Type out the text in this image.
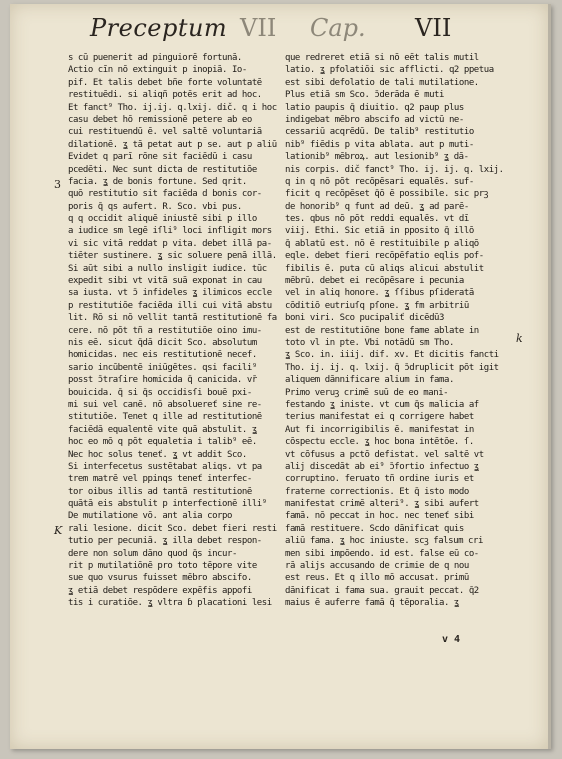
Preceptum VII Cap. VII
s cū puenerit ad pinguiorē fortunā.
Actio cīn nō extinguit p inopiā. Io-
pif. Et talis debet bñe forte voluntatē
restituēdi. si aliqñ potēs erit ad hoc.
Et fanct⁹ Tho. ij.ij. q.lxij. dič. q i hoc
casu debet hō remissionē petere ab eo
cui restituendū ē. vel saltē voluntariā
dilationē. ʓ tā petat aut p se. aut p aliū
Evidet q parī rōne sit faciēdū i casu
pcedēti. Nec sunt dicta de restitutiōe
facia. ʓ de bonis fortune. Sed qrit.
quō restitutio sit faciēda d bonis cor-
poris q̄ qs aufert. R. Sco. vbi pus.
q q occidit aliquē iniustē sibi p illo
a iudice sm legē iſli⁹ loci infligit mors
vi sic vitā reddat p vita. debet illā pa-
tiēter sustinere. ʓ sic soluere penā illā.
Si aūt sibi a nullo insligit iudice. tūc
expedit sibi vt vitā suā exponat in cau
sa iusta. vt ɔ̄ infideles ʓ ilimicos eccle
p restitutiōe faciēda illi cui vitā abstu
lit. Rō si nō vellit tantā restitutionē fa
cere. nō pōt tñ a restitutiōe oino imu-
nis eē. sicut q̄dā dicit Sco. absolutum
homicidas. nec eis restitutionē necef.
sario incūbentē iniūgētes. qsi facili⁹
posst ɔ̄traſire homicida q̄ canicida. vr̄
bouicida. q̄ si q̄s occidisſi bouē pxi-
mi sui vel canē. nō absoluereť sine re-
stitutiōe. Tenet q ille ad restitutionē
faciēdā equalentē vite quā abstulit. ʓ
hoc eo mō q pōt equaletia i talib⁹ eē.
Nec hoc solus teneť. ʓ vt addit Sco.
Si interfecetus sustētabat aliqs. vt pa
trem matrē vel ppinqs teneť interfec-
tor oibus illis ad tantā restitutionē
quātā eis abstulit p interfectionē illi⁹
De mutilatione vō. ant alia corpo
rali lesione. dicit Sco. debet fieri resti
tutio per pecuniā. ʓ illa debet respon-
dere non solum dāno quod q̄s incur-
rit p mutilatiōnē pro toto tēpore vite
sue quo vsurus fuisset mēbro abscifo.
ʓ etiā debet respōdere expēfis appofi
tis i curatiōe. ʓ vltra ɓ placationi lesi
que redreret etiā si nō eēt talis mutil
latio. ʓ pfolatiōi sic afflicti. q2 ppetua
est sibi defolatio de tali mutilatione.
Plus etiā sm Sco. ɔ̄derāda ē muti
latio paupis q̄ diuitio. q2 paup plus
indigebat mēbro abscifo ad victū ne-
cessariū acqrēdū. De talib⁹ restitutio
nib⁹ fiēdis p vita ablata. aut p muti-
lationib⁹ mēbroꝝ. aut lesionib⁹ ʓ dā-
nis corpis. dič fanct⁹ Tho. ij. ij. q. lxij.
q in q nō pōt recōpēsari equalēs. suf-
ficit q recōpēset q̄ō ē possibile. sic prꝫ
de honorib⁹ q funt ad deū. ʓ ad parē-
tes. qbus nō pōt reddi equalēs. vt dī
viij. Ethi. Sic etiā in pposito q̄ illō
q̄ ablatū est. nō ē restituibile p aliqō
eqle. debet fieri recōpēfatio eqlis pof-
fibilis ē. puta cū aliqs alicui abstulit
mēbrū. debet ei recōpēsare i pecunia
vel in aliq honore. ʓ ſſibus pſideratā
cōditiō eutriuſq pſone. ʓ fm arbitriū
boni viri. Sco pucipaliť dicēdū3
est de restitutiōne bone fame ablate in
toto vl in pte. Vbi notādū sm Tho.
ʓ Sco. in. iiij. dif. xv. Et dicitis fancti
Tho. ij. ij. q. lxij. q̄ ɔ̄druplicit pōt igit
aliquem dānnificare alium in fama.
Primo veruꝫ crimē suū de eo mani-
festando ʓ iniste. vt cum q̄s malicia af
terius manifestat ei q corrigere habet
Aut fi incorrigibilis ē. manifestat in
cōspectu eccle. ʓ hoc bona intētōe. ſ.
vt cōfusus a pctō defistat. vel saltē vt
alij discedāt ab ei⁹ ɔ̄fortio infectuo ʓ
corruptino. feruato tñ ordine iuris et
fraterne correctionis. Et q̄ isto modo
manifestat crimē alteri⁹. ʓ sibi aufert
famā. nō peccat in hoc. nec teneť sibi
famā restituere. Scdo dānificat quis
aliū fama. ʓ hoc iniuste. scꝫ falsum cri
men sibi impōendo. id est. false eū co-
rā alijs accusando de crimie de q nou
est reus. Et q illo mō accusat. primū
dānificat i fama sua. grauit peccat. q̄2
maius ē auferre famā q̄ tēporalia. ʓ
3
K
k
v 4
